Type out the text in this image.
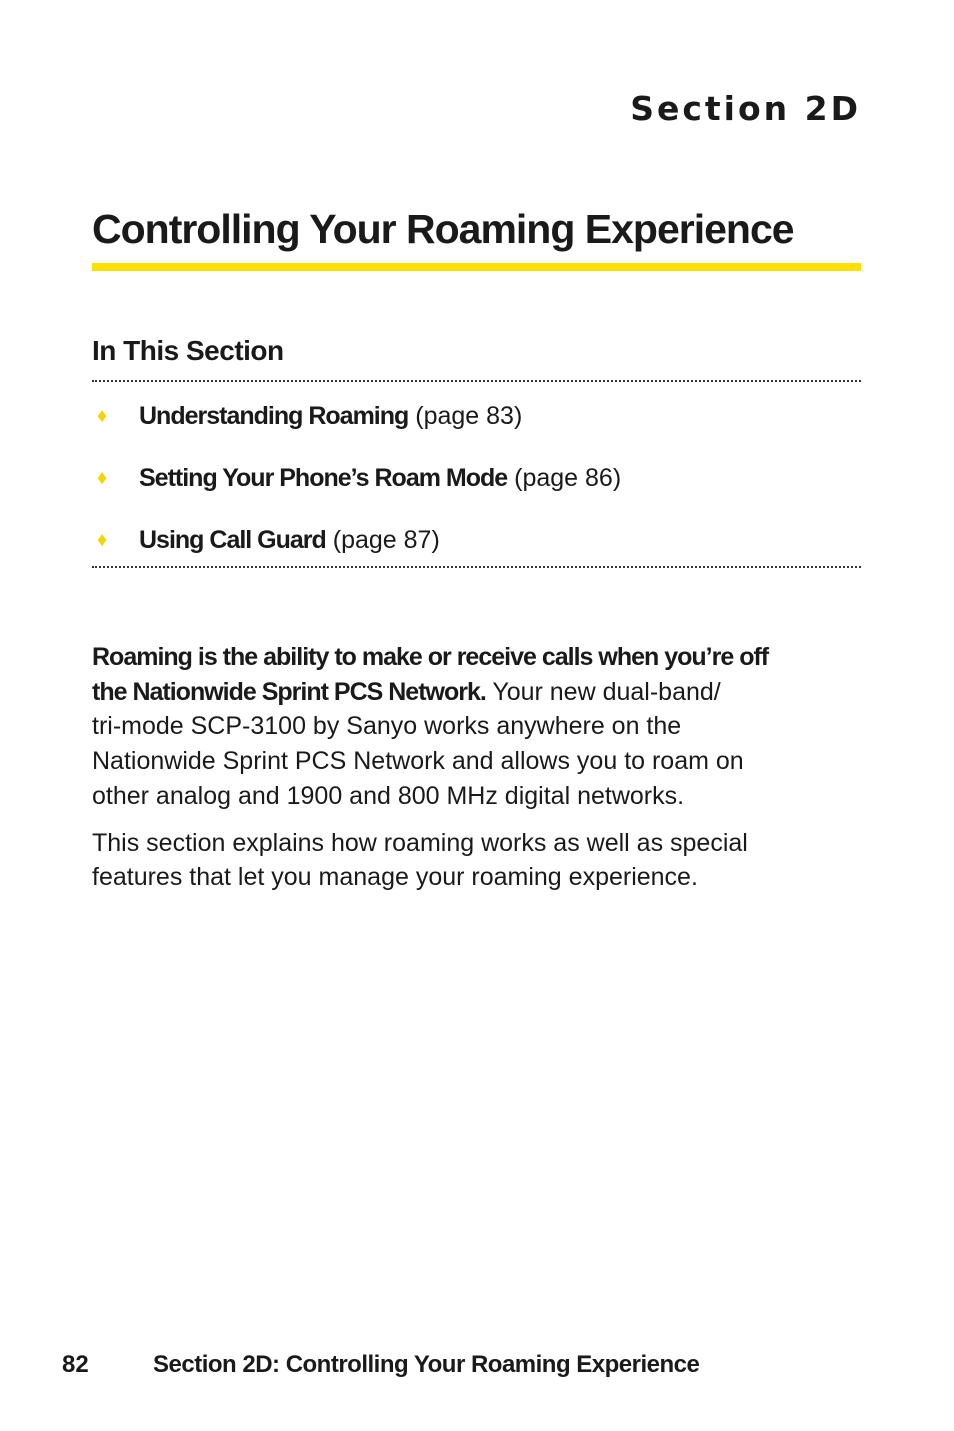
Section 2D
Controlling Your Roaming Experience
In This Section
♦ Understanding Roaming (page 83)
♦ Setting Your Phone’s Roam Mode (page 86)
♦ Using Call Guard (page 87)

Roaming is the ability to make or receive calls when you’re off
the Nationwide Sprint PCS Network. Your new dual-band/
tri-mode SCP-3100 by Sanyo works anywhere on the
Nationwide Sprint PCS Network and allows you to roam on
other analog and 1900 and 800 MHz digital networks.

This section explains how roaming works as well as special
features that let you manage your roaming experience.

82	Section 2D: Controlling Your Roaming Experience
